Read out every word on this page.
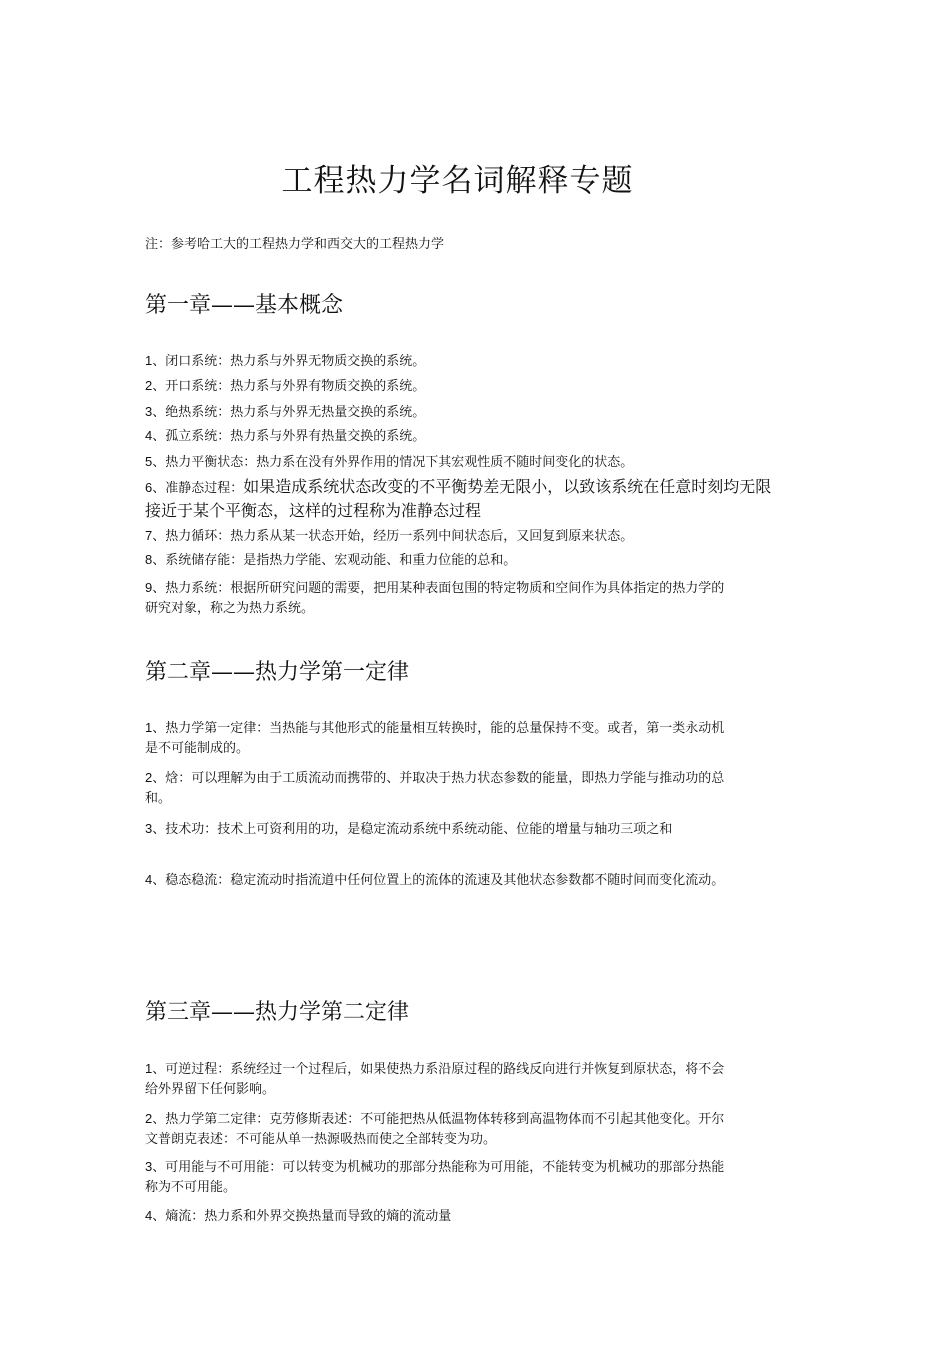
工程热力学名词解释专题

注：参考哈工大的工程热力学和西交大的工程热力学

第一章——基本概念

1、闭口系统：热力系与外界无物质交换的系统。

2、开口系统：热力系与外界有物质交换的系统。

3、绝热系统：热力系与外界无热量交换的系统。

4、孤立系统：热力系与外界有热量交换的系统。

5、热力平衡状态：热力系在没有外界作用的情况下其宏观性质不随时间变化的状态。

6、准静态过程：如果造成系统状态改变的不平衡势差无限小，以致该系统在任意时刻均无限接近于某个平衡态，这样的过程称为准静态过程

7、热力循环：热力系从某一状态开始，经历一系列中间状态后，又回复到原来状态。

8、系统储存能：是指热力学能、宏观动能、和重力位能的总和。

9、热力系统：根据所研究问题的需要，把用某种表面包围的特定物质和空间作为具体指定的热力学的研究对象，称之为热力系统。

第二章——热力学第一定律

1、热力学第一定律：当热能与其他形式的能量相互转换时，能的总量保持不变。或者，第一类永动机是不可能制成的。

2、焓：可以理解为由于工质流动而携带的、并取决于热力状态参数的能量，即热力学能与推动功的总和。

3、技术功：技术上可资利用的功，是稳定流动系统中系统动能、位能的增量与轴功三项之和

4、稳态稳流：稳定流动时指流道中任何位置上的流体的流速及其他状态参数都不随时间而变化流动。

第三章——热力学第二定律

1、可逆过程：系统经过一个过程后，如果使热力系沿原过程的路线反向进行并恢复到原状态，将不会给外界留下任何影响。

2、热力学第二定律：克劳修斯表述：不可能把热从低温物体转移到高温物体而不引起其他变化。开尔文普朗克表述：不可能从单一热源吸热而使之全部转变为功。

3、可用能与不可用能：可以转变为机械功的那部分热能称为可用能，不能转变为机械功的那部分热能称为不可用能。

4、熵流：热力系和外界交换热量而导致的熵的流动量
